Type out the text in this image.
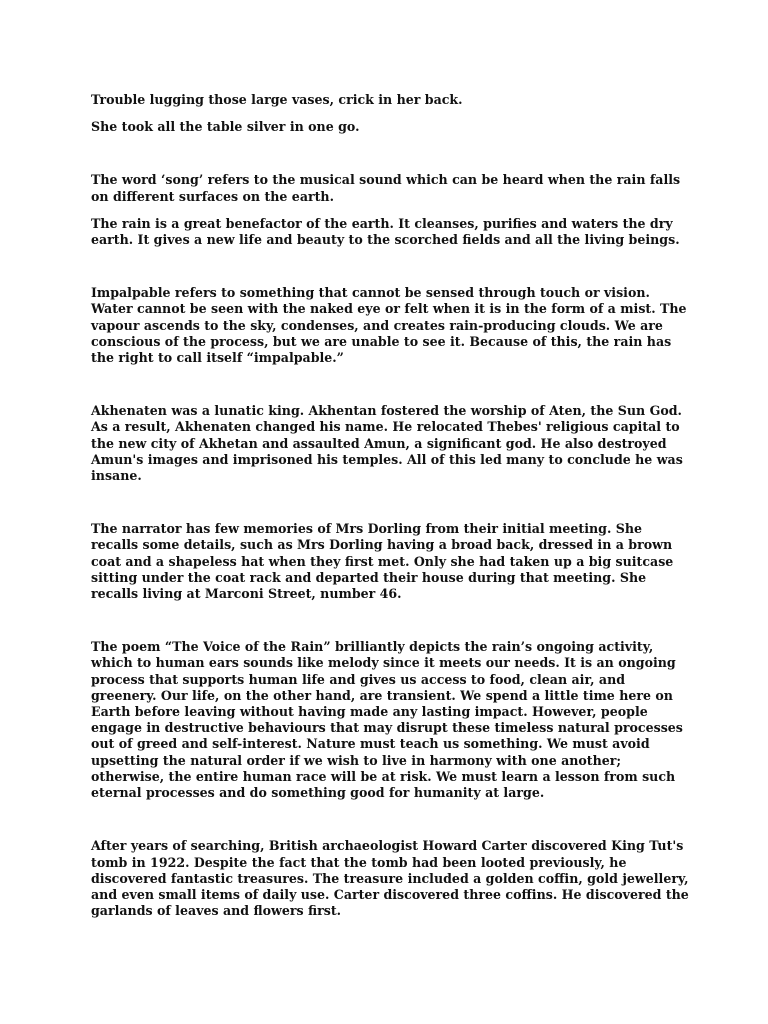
Trouble lugging those large vases, crick in her back.

She took all the table silver in one go.

The word ‘song’ refers to the musical sound which can be heard when the rain falls on different surfaces on the earth.

The rain is a great benefactor of the earth. It cleanses, purifies and waters the dry earth. It gives a new life and beauty to the scorched fields and all the living beings.

Impalpable refers to something that cannot be sensed through touch or vision. Water cannot be seen with the naked eye or felt when it is in the form of a mist. The vapour ascends to the sky, condenses, and creates rain-producing clouds. We are conscious of the process, but we are unable to see it. Because of this, the rain has the right to call itself “impalpable.”

Akhenaten was a lunatic king. Akhentan fostered the worship of Aten, the Sun God. As a result, Akhenaten changed his name. He relocated Thebes' religious capital to the new city of Akhetan and assaulted Amun, a significant god. He also destroyed Amun's images and imprisoned his temples. All of this led many to conclude he was insane.

The narrator has few memories of Mrs Dorling from their initial meeting. She recalls some details, such as Mrs Dorling having a broad back, dressed in a brown coat and a shapeless hat when they first met. Only she had taken up a big suitcase sitting under the coat rack and departed their house during that meeting. She recalls living at Marconi Street, number 46.

The poem “The Voice of the Rain” brilliantly depicts the rain’s ongoing activity, which to human ears sounds like melody since it meets our needs. It is an ongoing process that supports human life and gives us access to food, clean air, and greenery. Our life, on the other hand, are transient. We spend a little time here on Earth before leaving without having made any lasting impact. However, people engage in destructive behaviours that may disrupt these timeless natural processes out of greed and self-interest. Nature must teach us something. We must avoid upsetting the natural order if we wish to live in harmony with one another; otherwise, the entire human race will be at risk. We must learn a lesson from such eternal processes and do something good for humanity at large.

After years of searching, British archaeologist Howard Carter discovered King Tut's tomb in 1922. Despite the fact that the tomb had been looted previously, he discovered fantastic treasures. The treasure included a golden coffin, gold jewellery, and even small items of daily use. Carter discovered three coffins. He discovered the garlands of leaves and flowers first.
